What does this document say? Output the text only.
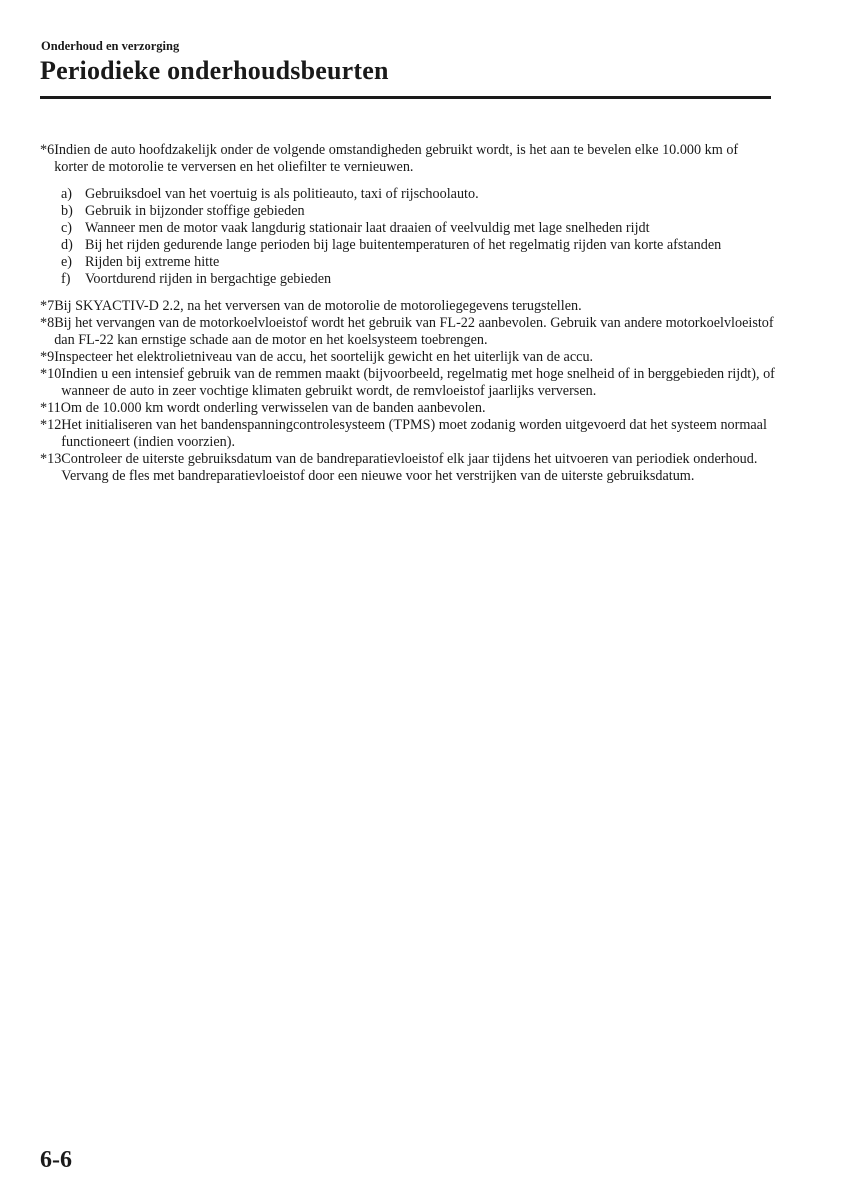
Onderhoud en verzorging
Periodieke onderhoudsbeurten
*6 Indien de auto hoofdzakelijk onder de volgende omstandigheden gebruikt wordt, is het aan te bevelen elke 10.000 km of korter de motorolie te verversen en het oliefilter te vernieuwen.
a) Gebruiksdoel van het voertuig is als politieauto, taxi of rijschoolauto.
b) Gebruik in bijzonder stoffige gebieden
c) Wanneer men de motor vaak langdurig stationair laat draaien of veelvuldig met lage snelheden rijdt
d) Bij het rijden gedurende lange perioden bij lage buitentemperaturen of het regelmatig rijden van korte afstanden
e) Rijden bij extreme hitte
f)	Voortdurend rijden in bergachtige gebieden
*7 Bij SKYACTIV-D 2.2, na het verversen van de motorolie de motoroliegegevens terugstellen.
*8 Bij het vervangen van de motorkoelvloeistof wordt het gebruik van FL-22 aanbevolen. Gebruik van andere motorkoelvloeistof dan FL-22 kan ernstige schade aan de motor en het koelsysteem toebrengen.
*9 Inspecteer het elektrolietniveau van de accu, het soortelijk gewicht en het uiterlijk van de accu.
*10 Indien u een intensief gebruik van de remmen maakt (bijvoorbeeld, regelmatig met hoge snelheid of in berggebieden rijdt), of wanneer de auto in zeer vochtige klimaten gebruikt wordt, de remvloeistof jaarlijks verversen.
*11 Om de 10.000 km wordt onderling verwisselen van de banden aanbevolen.
*12 Het initialiseren van het bandenspanningcontrolesysteem (TPMS) moet zodanig worden uitgevoerd dat het systeem normaal functioneert (indien voorzien).
*13 Controleer de uiterste gebruiksdatum van de bandreparatievloeistof elk jaar tijdens het uitvoeren van periodiek onderhoud. Vervang de fles met bandreparatievloeistof door een nieuwe voor het verstrijken van de uiterste gebruiksdatum.
6-6
